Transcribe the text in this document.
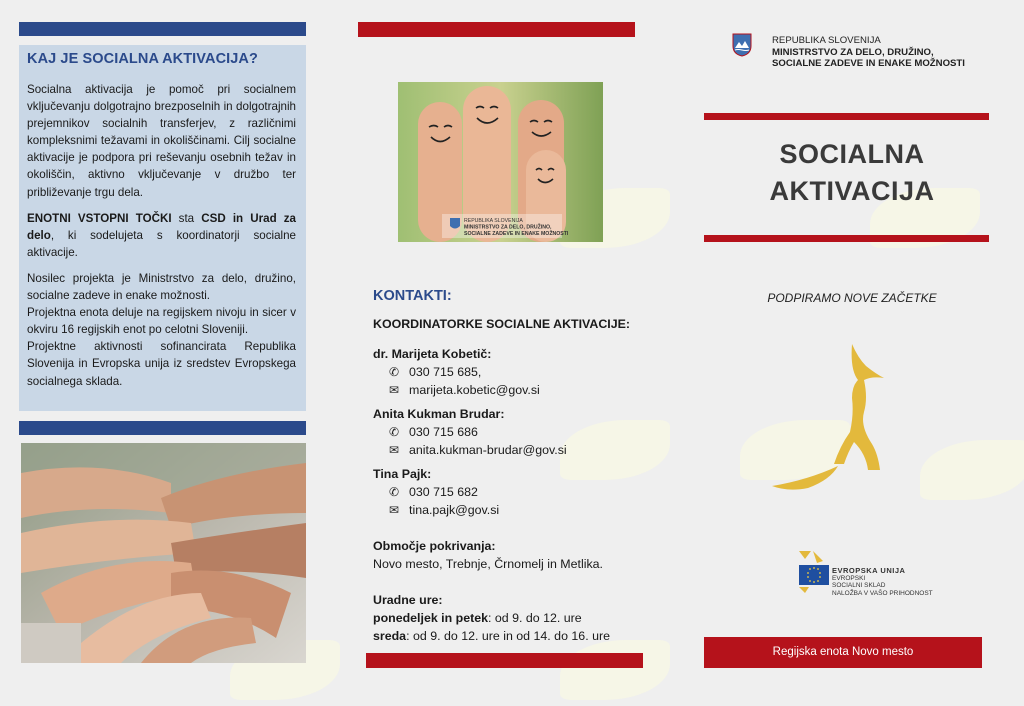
KAJ JE SOCIALNA AKTIVACIJA?

Socialna aktivacija je pomoč pri socialnem vključevanju dolgotrajno brezposelnih in dolgotrajnih prejemnikov socialnih transferjev, z različnimi kompleksnimi težavami in okoliščinami. Cilj socialne aktivacije je podpora pri reševanju osebnih težav in okoliščin, aktivno vključevanje v družbo ter približevanje trgu dela.

ENOTNI VSTOPNI TOČKI sta CSD in Urad za delo, ki sodelujeta s koordinatorji socialne aktivacije.

Nosilec projekta je Ministrstvo za delo, družino, socialne zadeve in enake možnosti.

Projektna enota deluje na regijskem nivoju in sicer v okviru 16 regijskih enot po celotni Sloveniji.

Projektne aktivnosti sofinancirata Republika Slovenija in Evropska unija iz sredstev Evropskega socialnega sklada.

REPUBLIKA SLOVENIJA
MINISTRSTVO ZA DELO, DRUŽINO,
SOCIALNE ZADEVE IN ENAKE MOŽNOSTI
KONTAKTI:
KOORDINATORKE SOCIALNE AKTIVACIJE:
dr. Marijeta Kobetič:
✆ 030 715 685,
✉ marijeta.kobetic@gov.si
Anita Kukman Brudar:
✆ 030 715 686
✉ anita.kukman-brudar@gov.si
Tina Pajk:
✆ 030 715 682
✉ tina.pajk@gov.si
Območje pokrivanja:
Novo mesto, Trebnje, Črnomelj in Metlika.
Uradne ure:
ponedeljek in petek: od 9. do 12. ure
sreda: od 9. do 12. ure in od 14. do 16. ure
REPUBLIKA SLOVENIJA
MINISTRSTVO ZA DELO, DRUŽINO,
SOCIALNE ZADEVE IN ENAKE MOŽNOSTI
SOCIALNA
AKTIVACIJA
PODPIRAMO NOVE ZAČETKE
EVROPSKA UNIJA
EVROPSKI
SOCIALNI SKLAD
NALOŽBA V VAŠO PRIHODNOST
Regijska enota Novo mesto
